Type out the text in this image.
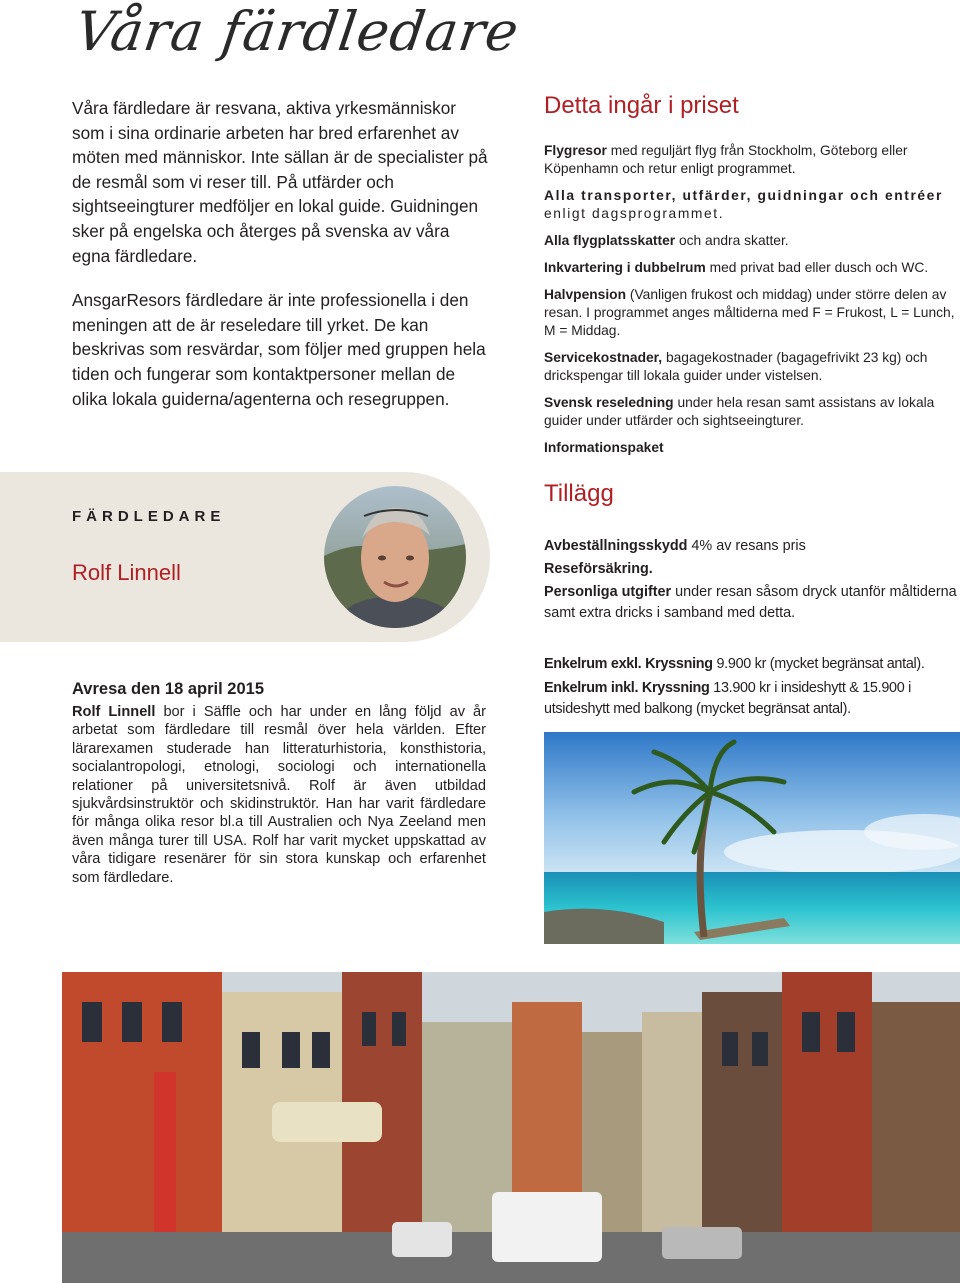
Våra färdledare

Våra färdledare är resvana, aktiva yrkesmänniskor som i sina ordinarie arbeten har bred erfarenhet av möten med människor. Inte sällan är de specialister på de resmål som vi reser till. På utfärder och sightseeingturer medföljer en lokal guide. Guidningen sker på engelska och återges på svenska av våra egna färdledare.

AnsgarResors färdledare är inte professionella i den meningen att de är reseledare till yrket. De kan beskrivas som resvärdar, som följer med gruppen hela tiden och fungerar som kontaktpersoner mellan de olika lokala guiderna/agenterna och resegruppen.

FÄRDLEDARE
Rolf Linnell
Avresa den 18 april 2015
Rolf Linnell bor i Säffle och har under en lång följd av år arbetat som färdledare till resmål över hela världen. Efter lärarexamen studerade han litteraturhistoria, konsthistoria, socialantropologi, etnologi, sociologi och internationella relationer på universitetsnivå. Rolf är även utbildad sjukvårdsinstruktör och skidinstruktör. Han har varit färdledare för många olika resor bl.a till Australien och Nya Zeeland men även många turer till USA. Rolf har varit mycket uppskattad av våra tidigare resenärer för sin stora kunskap och erfarenhet som färdledare.
Detta ingår i priset

Flygresor med reguljärt flyg från Stockholm, Göteborg eller Köpenhamn och retur enligt programmet.

Alla transporter, utfärder, guidningar och entréer enligt dagsprogrammet.

Alla flygplatsskatter och andra skatter.

Inkvartering i dubbelrum med privat bad eller dusch och WC.

Halvpension (Vanligen frukost och middag) under större delen av resan. I programmet anges måltiderna med F = Frukost, L = Lunch, M = Middag.

Servicekostnader, bagagekostnader (bagagefrivikt 23 kg) och drickspengar till lokala guider under vistelsen.

Svensk reseledning under hela resan samt assistans av lokala guider under utfärder och sightseeingturer.

Informationspaket

Tillägg

Avbeställningsskydd 4% av resans pris

Reseförsäkring.

Personliga utgifter under resan såsom dryck utanför måltiderna samt extra dricks i samband med detta.

Enkelrum exkl. Kryssning 9.900 kr (mycket begränsat antal).

Enkelrum inkl. Kryssning 13.900 kr i insideshytt & 15.900 i utsideshytt med balkong (mycket begränsat antal).
